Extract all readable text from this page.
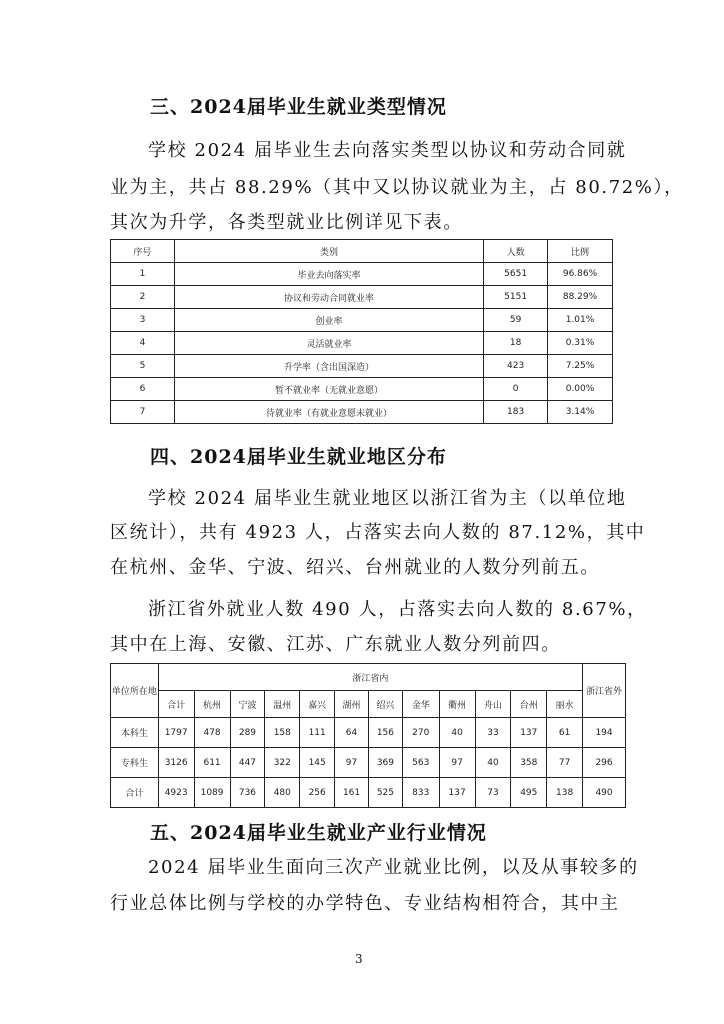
三、2024届毕业生就业类型情况
学校 2024 届毕业生去向落实类型以协议和劳动合同就
业为主，共占 88.29%（其中又以协议就业为主，占 80.72%），
其次为升学，各类型就业比例详见下表。
序号	类别	人数	比例
1	毕业去向落实率	5651	96.86%
2	协议和劳动合同就业率	5151	88.29%
3	创业率	59	1.01%
4	灵活就业率	18	0.31%
5	升学率（含出国深造）	423	7.25%
6	暂不就业率（无就业意愿）	0	0.00%
7	待就业率（有就业意愿未就业）	183	3.14%
四、2024届毕业生就业地区分布
学校 2024 届毕业生就业地区以浙江省为主（以单位地
区统计），共有 4923 人，占落实去向人数的 87.12%，其中
在杭州、金华、宁波、绍兴、台州就业的人数分列前五。
浙江省外就业人数 490 人，占落实去向人数的 8.67%，
其中在上海、安徽、江苏、广东就业人数分列前四。
单位所在地	浙江省内												浙江省外
	合计	杭州	宁波	温州	嘉兴	湖州	绍兴	金华	衢州	舟山	台州	丽水	
本科生	1797	478	289	158	111	64	156	270	40	33	137	61	194
专科生	3126	611	447	322	145	97	369	563	97	40	358	77	296
合计	4923	1089	736	480	256	161	525	833	137	73	495	138	490
五、2024届毕业生就业产业行业情况
2024 届毕业生面向三次产业就业比例，以及从事较多的
行业总体比例与学校的办学特色、专业结构相符合，其中主
3
